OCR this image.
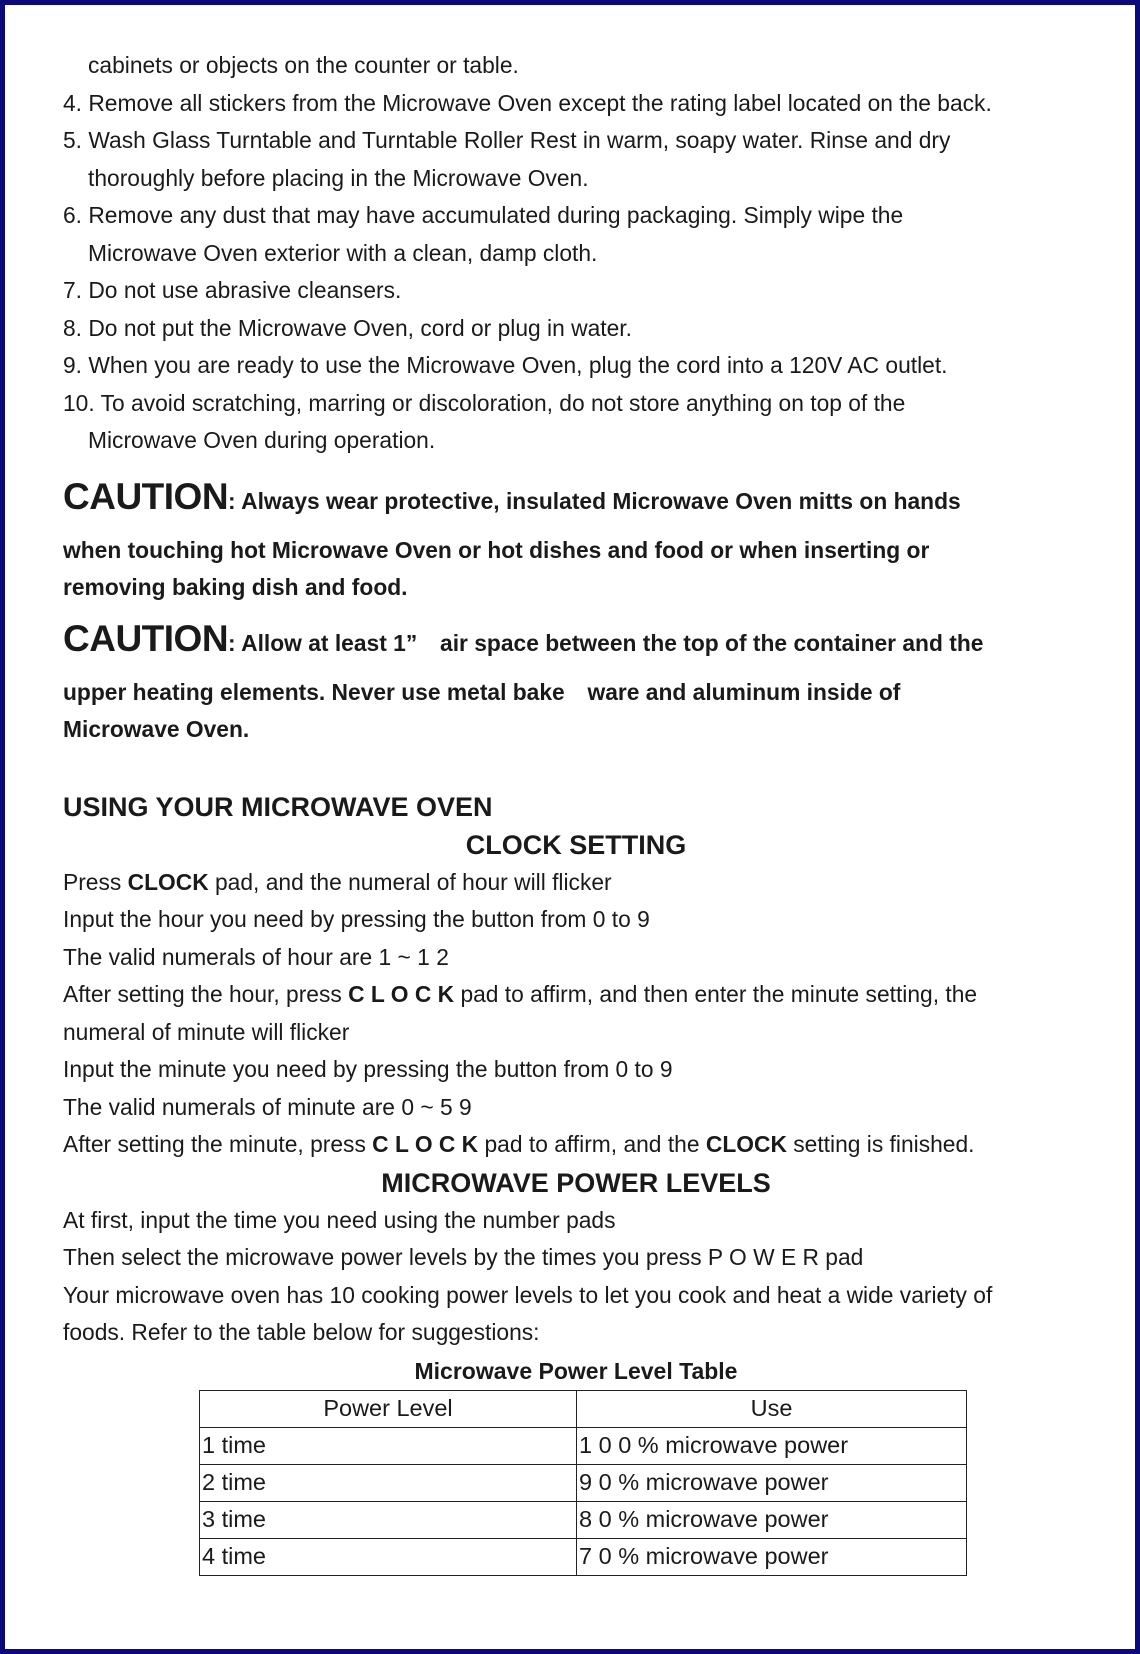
cabinets or objects on the counter or table.
4. Remove all stickers from the Microwave Oven except the rating label located on the back.
5. Wash Glass Turntable and Turntable Roller Rest in warm, soapy water. Rinse and dry
thoroughly before placing in the Microwave Oven.
6. Remove any dust that may have accumulated during packaging. Simply wipe the
Microwave Oven exterior with a clean, damp cloth.
7. Do not use abrasive cleansers.
8. Do not put the Microwave Oven, cord or plug in water.
9. When you are ready to use the Microwave Oven, plug the cord into a 120V AC outlet.
10. To avoid scratching, marring or discoloration, do not store anything on top of the
Microwave Oven during operation.
CAUTION: Always wear protective, insulated Microwave Oven mitts on hands
when touching hot Microwave Oven or hot dishes and food or when inserting or
removing baking dish and food.
CAUTION: Allow at least 1”　air space between the top of the container and the
upper heating elements. Never use metal bake　ware and aluminum inside of
Microwave Oven.
USING YOUR MICROWAVE OVEN
CLOCK SETTING
Press CLOCK pad, and the numeral of hour will flicker
Input the hour you need by pressing the button from 0 to 9
The valid numerals of hour are 1 ~ 1 2
After setting the hour, press C L O C K pad to affirm, and then enter the minute setting, the
numeral of minute will flicker
Input the minute you need by pressing the button from 0 to 9
The valid numerals of minute are 0 ~ 5 9
After setting the minute, press C L O C K pad to affirm, and the CLOCK setting is finished.
MICROWAVE POWER LEVELS
At first, input the time you need using the number pads
Then select the microwave power levels by the times you press P O W E R pad
Your microwave oven has 10 cooking power levels to let you cook and heat a wide variety of
foods. Refer to the table below for suggestions:
Microwave Power Level Table
Power Level	Use
1 time	1 0 0 % microwave power
2 time	9 0 % microwave power
3 time	8 0 % microwave power
4 time	7 0 % microwave power
